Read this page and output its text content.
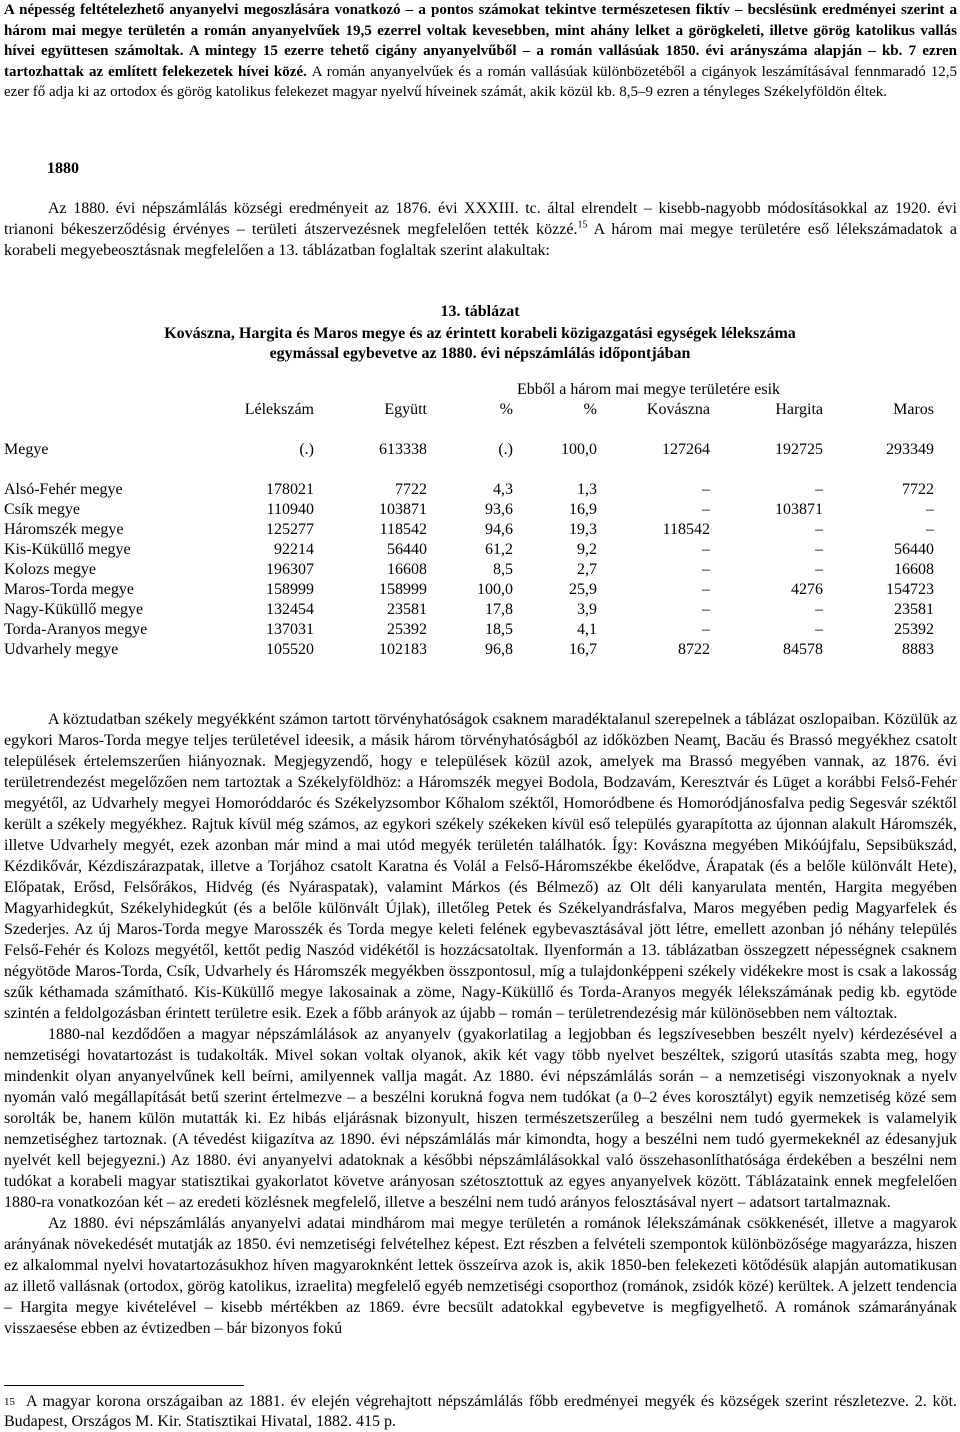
A népesség feltételezhető anyanyelvi megoszlására vonatkozó – a pontos számokat tekintve természetesen fiktív – becslésünk eredményei szerint a három mai megye területén a román anyanyelvűek 19,5 ezerrel voltak kevesebben, mint ahány lelket a görögkeleti, illetve görög katolikus vallás hívei együttesen számoltak. A mintegy 15 ezerre tehető cigány anyanyelvűből – a román vallásúak 1850. évi arányszáma alapján – kb. 7 ezren tartozhattak az említett felekezetek hívei közé. A román anyanyelvűek és a román vallásúak különbözetéből a cigányok leszámításával fennmaradó 12,5 ezer fő adja ki az ortodox és görög katolikus felekezet magyar nyelvű híveinek számát, akik közül kb. 8,5–9 ezren a tényleges Székelyföldön éltek.

1880

Az 1880. évi népszámlálás községi eredményeit az 1876. évi XXXIII. tc. által elrendelt – kisebb-nagyobb módosításokkal az 1920. évi trianoni békeszerződésig érvényes – területi átszervezésnek megfelelően tették közzé.$^{15}$ A három mai megye területére eső lélekszámadatok a korabeli megyebeosztásnak megfelelően a 13. táblázatban foglaltak szerint alakultak:

13. táblázat

Kovászna, Hargita és Maros megye és az érintett korabeli közigazgatási egységek lélekszáma
egymással egybevetve az 1880. évi népszámlálás időpontjában
				Ebből a három mai megye területére esik			
	Lélekszám	Együtt	%	%	Kovászna	Hargita	Maros

Megye	(.)	613338	(.)	100,0	127264	192725	293349

Alsó-Fehér megye	178021	7722	4,3	1,3	–	–	7722
Csík megye	110940	103871	93,6	16,9	–	103871	–
Háromszék megye	125277	118542	94,6	19,3	118542	–	–
Kis-Küküllő megye	92214	56440	61,2	9,2	–	–	56440
Kolozs megye	196307	16608	8,5	2,7	–	–	16608
Maros-Torda megye	158999	158999	100,0	25,9	–	4276	154723
Nagy-Küküllő megye	132454	23581	17,8	3,9	–	–	23581
Torda-Aranyos megye	137031	25392	18,5	4,1	–	–	25392
Udvarhely megye	105520	102183	96,8	16,7	8722	84578	8883

A köztudatban székely megyékként számon tartott törvényhatóságok csaknem maradéktalanul szerepelnek a táblázat oszlopaiban. Közülük az egykori Maros-Torda megye teljes területével ideesik, a másik három törvényhatóságból az időközben Neamţ, Bacău és Brassó megyékhez csatolt települések értelemszerűen hiányoznak. Megjegyzendő, hogy e települések közül azok, amelyek ma Brassó megyében vannak, az 1876. évi területrendezést megelőzően nem tartoztak a Székelyföldhöz: a Háromszék megyei Bodola, Bodzavám, Keresztvár és Lüget a korábbi Felső-Fehér megyétől, az Udvarhely megyei Homoróddaróc és Székelyzsombor Kőhalom széktől, Homoródbene és Homoródjánosfalva pedig Segesvár széktől került a székely megyékhez. Rajtuk kívül még számos, az egykori székely székeken kívül eső település gyarapította az újonnan alakult Háromszék, illetve Udvarhely megyét, ezek azonban már mind a mai utód megyék területén találhatók. Így: Kovászna megyében Mikóújfalu, Sepsibükszád, Kézdikővár, Kézdiszárazpatak, illetve a Torjához csatolt Karatna és Volál a Felső-Háromszékbe ékelődve, Árapatak (és a belőle különvált Hete), Előpatak, Erősd, Felsőrákos, Hidvég (és Nyáraspatak), valamint Márkos (és Bélmező) az Olt déli kanyarulata mentén, Hargita megyében Magyarhidegkút, Székelyhidegkút (és a belőle különvált Újlak), illetőleg Petek és Székelyandrásfalva, Maros megyében pedig Magyarfelek és Szederjes. Az új Maros-Torda megye Marosszék és Torda megye keleti felének egybevasztásával jött létre, emellett azonban jó néhány település Felső-Fehér és Kolozs megyétől, kettőt pedig Naszód vidékétől is hozzácsatoltak. Ilyenformán a 13. táblázatban összegzett népességnek csaknem négyötöde Maros-Torda, Csík, Udvarhely és Háromszék megyékben összpontosul, míg a tulajdonképpeni székely vidékekre most is csak a lakosság szűk kéthamada számítható. Kis-Küküllő megye lakosainak a zöme, Nagy-Küküllő és Torda-Aranyos megyék lélekszámának pedig kb. egytöde szintén a feldolgozásban érintett területre esik. Ezek a főbb arányok az újabb – román – területrendezésig már különösebben nem változtak.
1880-nal kezdődően a magyar népszámlálások az anyanyelv (gyakorlatilag a legjobban és legszívesebben beszélt nyelv) kérdezésével a nemzetiségi hovatartozást is tudakolták. Mivel sokan voltak olyanok, akik két vagy több nyelvet beszéltek, szigorú utasítás szabta meg, hogy mindenkit olyan anyanyelvűnek kell beírni, amilyennek vallja magát. Az 1880. évi népszámlálás során – a nemzetiségi viszonyoknak a nyelv nyomán való megállapítását betű szerint értelmezve – a beszélni korukná fogva nem tudókat (a 0–2 éves korosztályt) egyik nemzetiség közé sem sorolták be, hanem külön mutatták ki. Ez hibás eljárásnak bizonyult, hiszen természetszerűleg a beszélni nem tudó gyermekek is valamelyik nemzetiséghez tartoznak. (A tévedést kiigazítva az 1890. évi népszámlálás már kimondta, hogy a beszélni nem tudó gyermekeknél az édesanyjuk nyelvét kell bejegyezni.) Az 1880. évi anyanyelvi adatoknak a későbbi népszámlálásokkal való összehasonlíthatósága érdekében a beszélni nem tudókat a korabeli magyar statisztikai gyakorlatot követve arányosan szétosztottuk az egyes anyanyelvek között. Táblázataink ennek megfelelően 1880-ra vonatkozóan két – az eredeti közlésnek megfelelő, illetve a beszélni nem tudó arányos felosztásával nyert – adatsort tartalmaznak.
Az 1880. évi népszámlálás anyanyelvi adatai mindhárom mai megye területén a románok lélekszámának csökkenését, illetve a magyarok arányának növekedését mutatják az 1850. évi nemzetiségi felvételhez képest. Ezt részben a felvételi szempontok különbözősége magyarázza, hiszen ez alkalommal nyelvi hovatartozásukhoz híven magyaroknként lettek összeírva azok is, akik 1850-ben felekezeti kötődésük alapján automatikusan az illető vallásnak (ortodox, görög katolikus, izraelita) megfelelő egyéb nemzetiségi csoporthoz (románok, zsidók közé) kerültek. A jelzett tendencia – Hargita megye kivételével – kisebb mértékben az 1869. évre becsült adatokkal egybevetve is megfigyelhető. A románok számarányának visszaesése ebben az évtizedben – bár bizonyos fokú

15 A magyar korona országaiban az 1881. év elején végrehajtott népszámlálás főbb eredményei megyék és községek szerint részletezve. 2. köt. Budapest, Országos M. Kir. Statisztikai Hivatal, 1882. 415 p.
